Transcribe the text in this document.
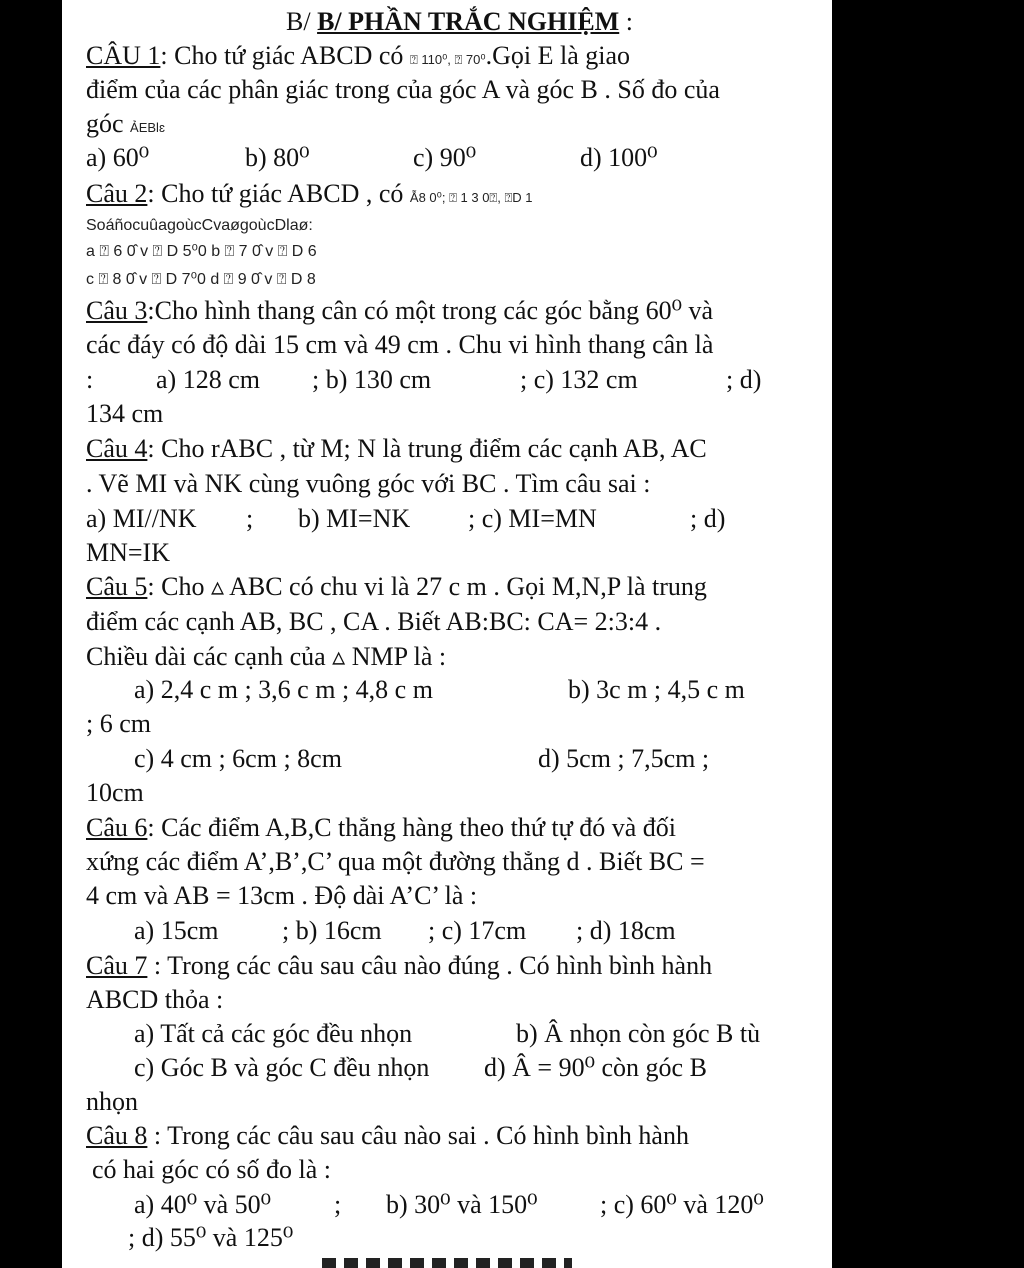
B/ B/ PHẦN TRẮC NGHIỆM :
CÂU 1: Cho tứ giác ABCD có ⍰ 110⁰, ⍰ 70⁰.Gọi E là giao
điểm của các phân giác trong của góc A và góc B . Số đo của
góc ẢEBlɛ
a) 60⁰	b) 80⁰	c) 90⁰	d) 100⁰
Câu 2: Cho tứ giác ABCD , có Ẫ8 0⁰; ⍰ 1 3 0⍰, ⍰D 1
SoáñocuûagoùcCvaøgoùcDlaø:
a ⍰ 6 0̂ v ⍰ D 5⁰0 b ⍰ 7 0̂ v ⍰ D 6
c ⍰ 8 0̂ v ⍰ D 7⁰0 d ⍰ 9 0̂ v ⍰ D 8
Câu 3:Cho hình thang cân có một trong các góc bằng 60⁰ và
các đáy có độ dài 15 cm và 49 cm . Chu vi hình thang cân là
: a) 128 cm ; b) 130 cm	; c) 132 cm	; d)
134 cm
Câu 4: Cho rABC , từ M; N là trung điểm các cạnh AB, AC
. Vẽ MI và NK cùng vuông góc với BC . Tìm câu sai :
a) MI//NK ; b) MI=NK ; c) MI=MN	; d)
MN=IK
Câu 5: Cho ▵ ABC có chu vi là 27 c m . Gọi M,N,P là trung
điểm các cạnh AB, BC , CA . Biết AB:BC: CA= 2:3:4 .
Chiều dài các cạnh của ▵ NMP là :
a) 2,4 c m ; 3,6 c m ; 4,8 c m	b) 3c m ; 4,5 c m
; 6 cm
c) 4 cm ; 6cm ; 8cm	d) 5cm ; 7,5cm ;
10cm
Câu 6: Các điểm A,B,C thẳng hàng theo thứ tự đó và đối
xứng các điểm A’,B’,C’ qua một đường thẳng d . Biết BC =
4 cm và AB = 13cm . Độ dài A’C’ là :
a) 15cm ; b) 16cm ; c) 17cm ; d) 18cm
Câu 7 : Trong các câu sau câu nào đúng . Có hình bình hành
ABCD thỏa :
a) Tất cả các góc đều nhọn	b) Â nhọn còn góc B tù
c) Góc B và góc C đều nhọn d) Â = 90⁰ còn góc B
nhọn
Câu 8 : Trong các câu sau câu nào sai . Có hình bình hành
có hai góc có số đo là :
a) 40⁰ và 50⁰ ; b) 30⁰ và 150⁰ ; c) 60⁰ và 120⁰
; d) 55⁰ và 125⁰
